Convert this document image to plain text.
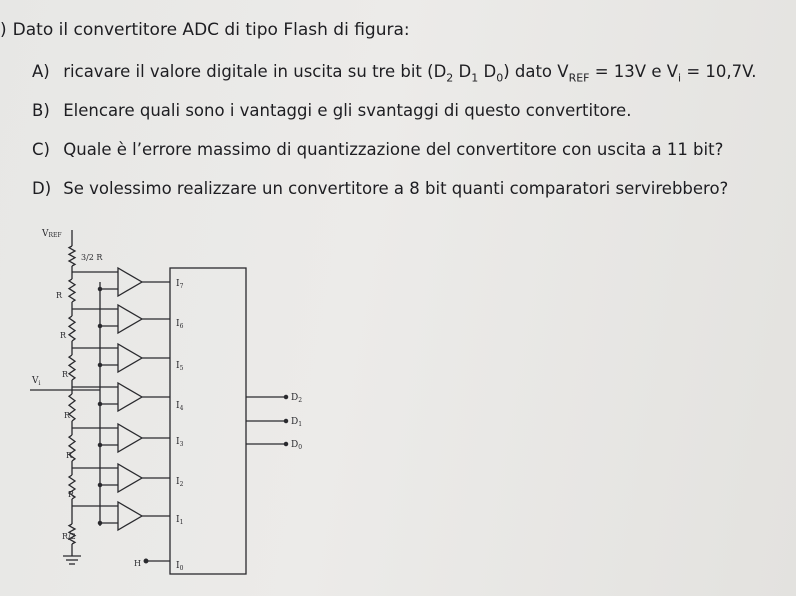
) Dato il convertitore ADC di tipo Flash di figura:
A) ricavare il valore digitale in uscita su tre bit ($D_2$ $D_1$ $D_0$) dato $V_{REF} = 13V$ e $V_i = 10,7V$.
B) Elencare quali sono i vantaggi e gli svantaggi di questo convertitore.
C) Quale è l’errore massimo di quantizzazione del convertitore con uscita a 11 bit?
D) Se volessimo realizzare un convertitore a 8 bit quanti comparatori servirebbero?
R
R
R
R
R
R
$I_7$
$I_6$
$I_5$
$I_4$
$I_3$
$I_2$
$I_1$
$I_0$
$D_2$
$D_1$
$D_0$
VREF
$V_i$
3/2 R
R/2
H
